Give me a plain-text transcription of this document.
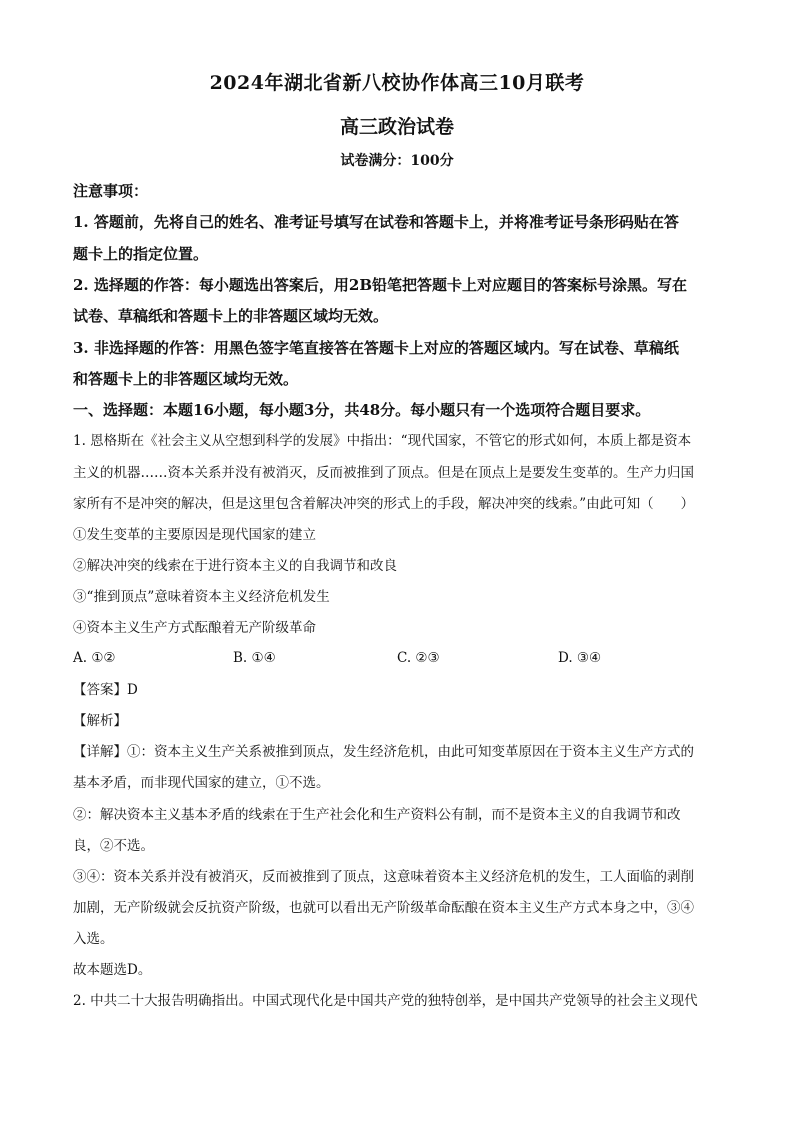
2024年湖北省新八校协作体高三10月联考
高三政治试卷
试卷满分：100分
注意事项：
1. 答题前，先将自己的姓名、准考证号填写在试卷和答题卡上，并将准考证号条形码贴在答
题卡上的指定位置。
2. 选择题的作答：每小题选出答案后，用2B铅笔把答题卡上对应题目的答案标号涂黑。写在
试卷、草稿纸和答题卡上的非答题区域均无效。
3. 非选择题的作答：用黑色签字笔直接答在答题卡上对应的答题区域内。写在试卷、草稿纸
和答题卡上的非答题区域均无效。
一、选择题：本题16小题，每小题3分，共48分。每小题只有一个选项符合题目要求。
1. 恩格斯在《社会主义从空想到科学的发展》中指出：“现代国家，不管它的形式如何，本质上都是资本
主义的机器……资本关系并没有被消灭，反而被推到了顶点。但是在顶点上是要发生变革的。生产力归国
家所有不是冲突的解决，但是这里包含着解决冲突的形式上的手段，解决冲突的线索。”由此可知（　　）
①发生变革的主要原因是现代国家的建立
②解决冲突的线索在于进行资本主义的自我调节和改良
③“推到顶点”意味着资本主义经济危机发生
④资本主义生产方式酝酿着无产阶级革命
A. ①②	B. ①④	C. ②③	D. ③④
【答案】D
【解析】
【详解】①：资本主义生产关系被推到顶点，发生经济危机，由此可知变革原因在于资本主义生产方式的
基本矛盾，而非现代国家的建立，①不选。
②：解决资本主义基本矛盾的线索在于生产社会化和生产资料公有制，而不是资本主义的自我调节和改
良，②不选。
③④：资本关系并没有被消灭，反而被推到了顶点，这意味着资本主义经济危机的发生，工人面临的剥削
加剧，无产阶级就会反抗资产阶级，也就可以看出无产阶级革命酝酿在资本主义生产方式本身之中，③④
入选。
故本题选D。
2. 中共二十大报告明确指出。中国式现代化是中国共产党的独特创举，是中国共产党领导的社会主义现代
